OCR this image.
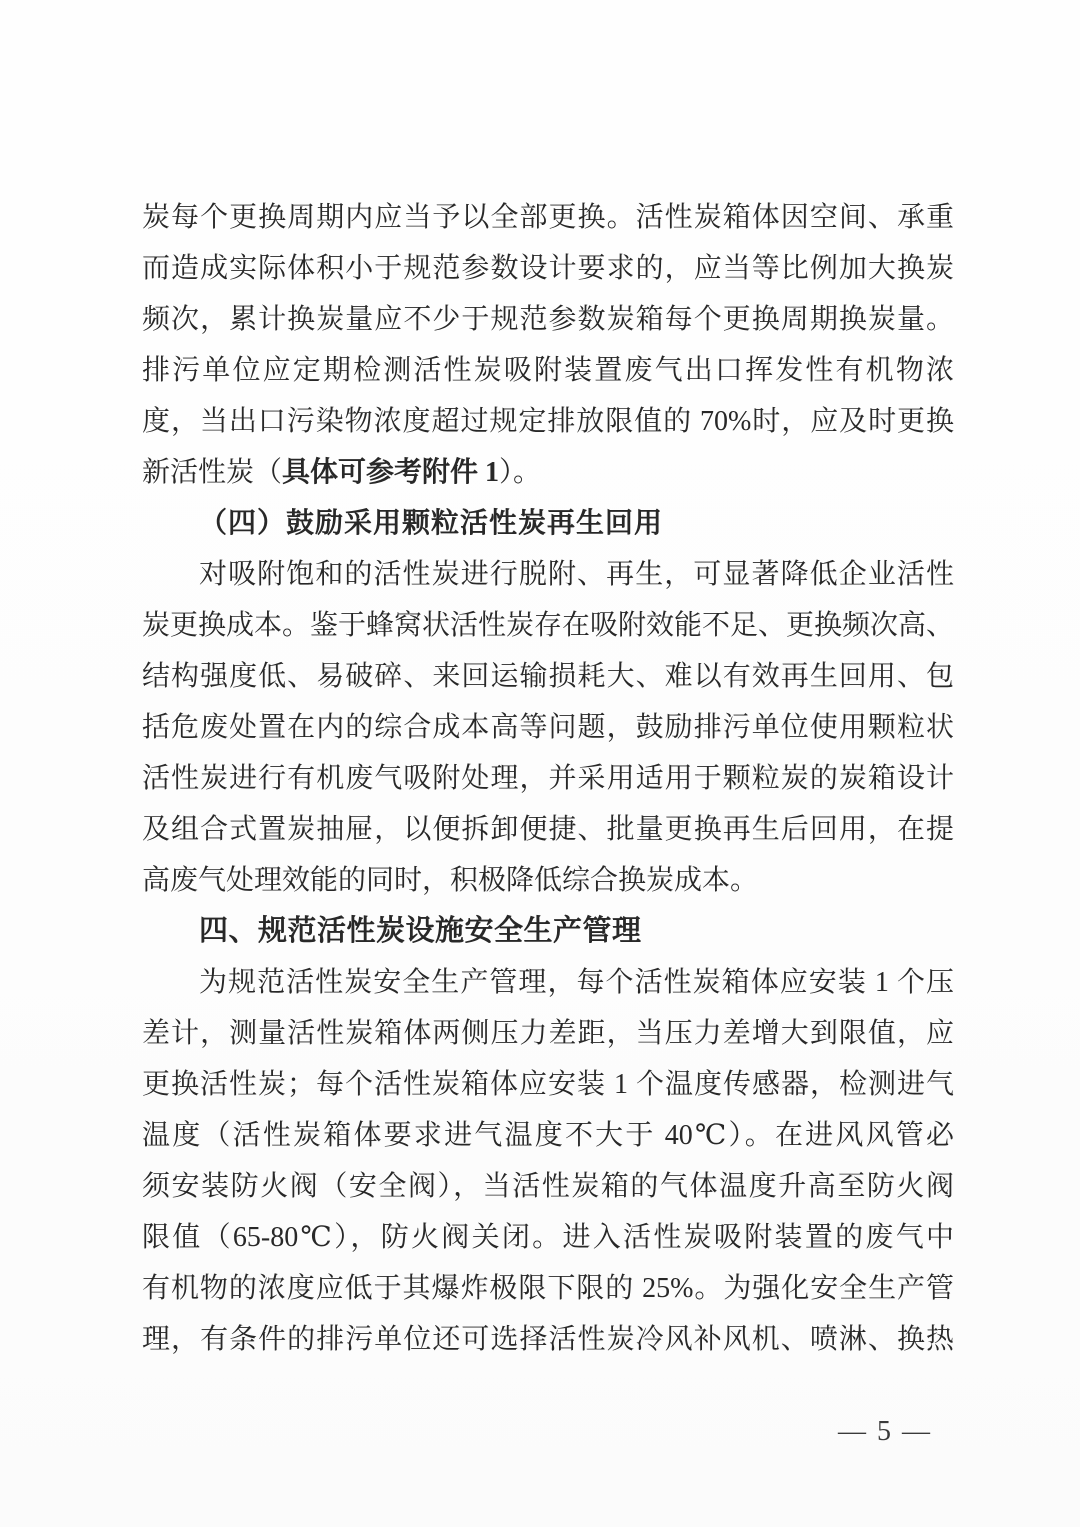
炭每个更换周期内应当予以全部更换。活性炭箱体因空间、承重
而造成实际体积小于规范参数设计要求的，应当等比例加大换炭
频次，累计换炭量应不少于规范参数炭箱每个更换周期换炭量。
排污单位应定期检测活性炭吸附装置废气出口挥发性有机物浓
度，当出口污染物浓度超过规定排放限值的 70%时，应及时更换
新活性炭（具体可参考附件 1）。
（四）鼓励采用颗粒活性炭再生回用
对吸附饱和的活性炭进行脱附、再生，可显著降低企业活性
炭更换成本。鉴于蜂窝状活性炭存在吸附效能不足、更换频次高、
结构强度低、易破碎、来回运输损耗大、难以有效再生回用、包
括危废处置在内的综合成本高等问题，鼓励排污单位使用颗粒状
活性炭进行有机废气吸附处理，并采用适用于颗粒炭的炭箱设计
及组合式置炭抽屉，以便拆卸便捷、批量更换再生后回用，在提
高废气处理效能的同时，积极降低综合换炭成本。
四、规范活性炭设施安全生产管理
为规范活性炭安全生产管理，每个活性炭箱体应安装 1 个压
差计，测量活性炭箱体两侧压力差距，当压力差增大到限值，应
更换活性炭；每个活性炭箱体应安装 1 个温度传感器，检测进气
温度（活性炭箱体要求进气温度不大于 40℃）。在进风风管必
须安装防火阀（安全阀），当活性炭箱的气体温度升高至防火阀
限值（65-80℃），防火阀关闭。进入活性炭吸附装置的废气中
有机物的浓度应低于其爆炸极限下限的 25%。为强化安全生产管
理，有条件的排污单位还可选择活性炭冷风补风机、喷淋、换热
— 5 —
